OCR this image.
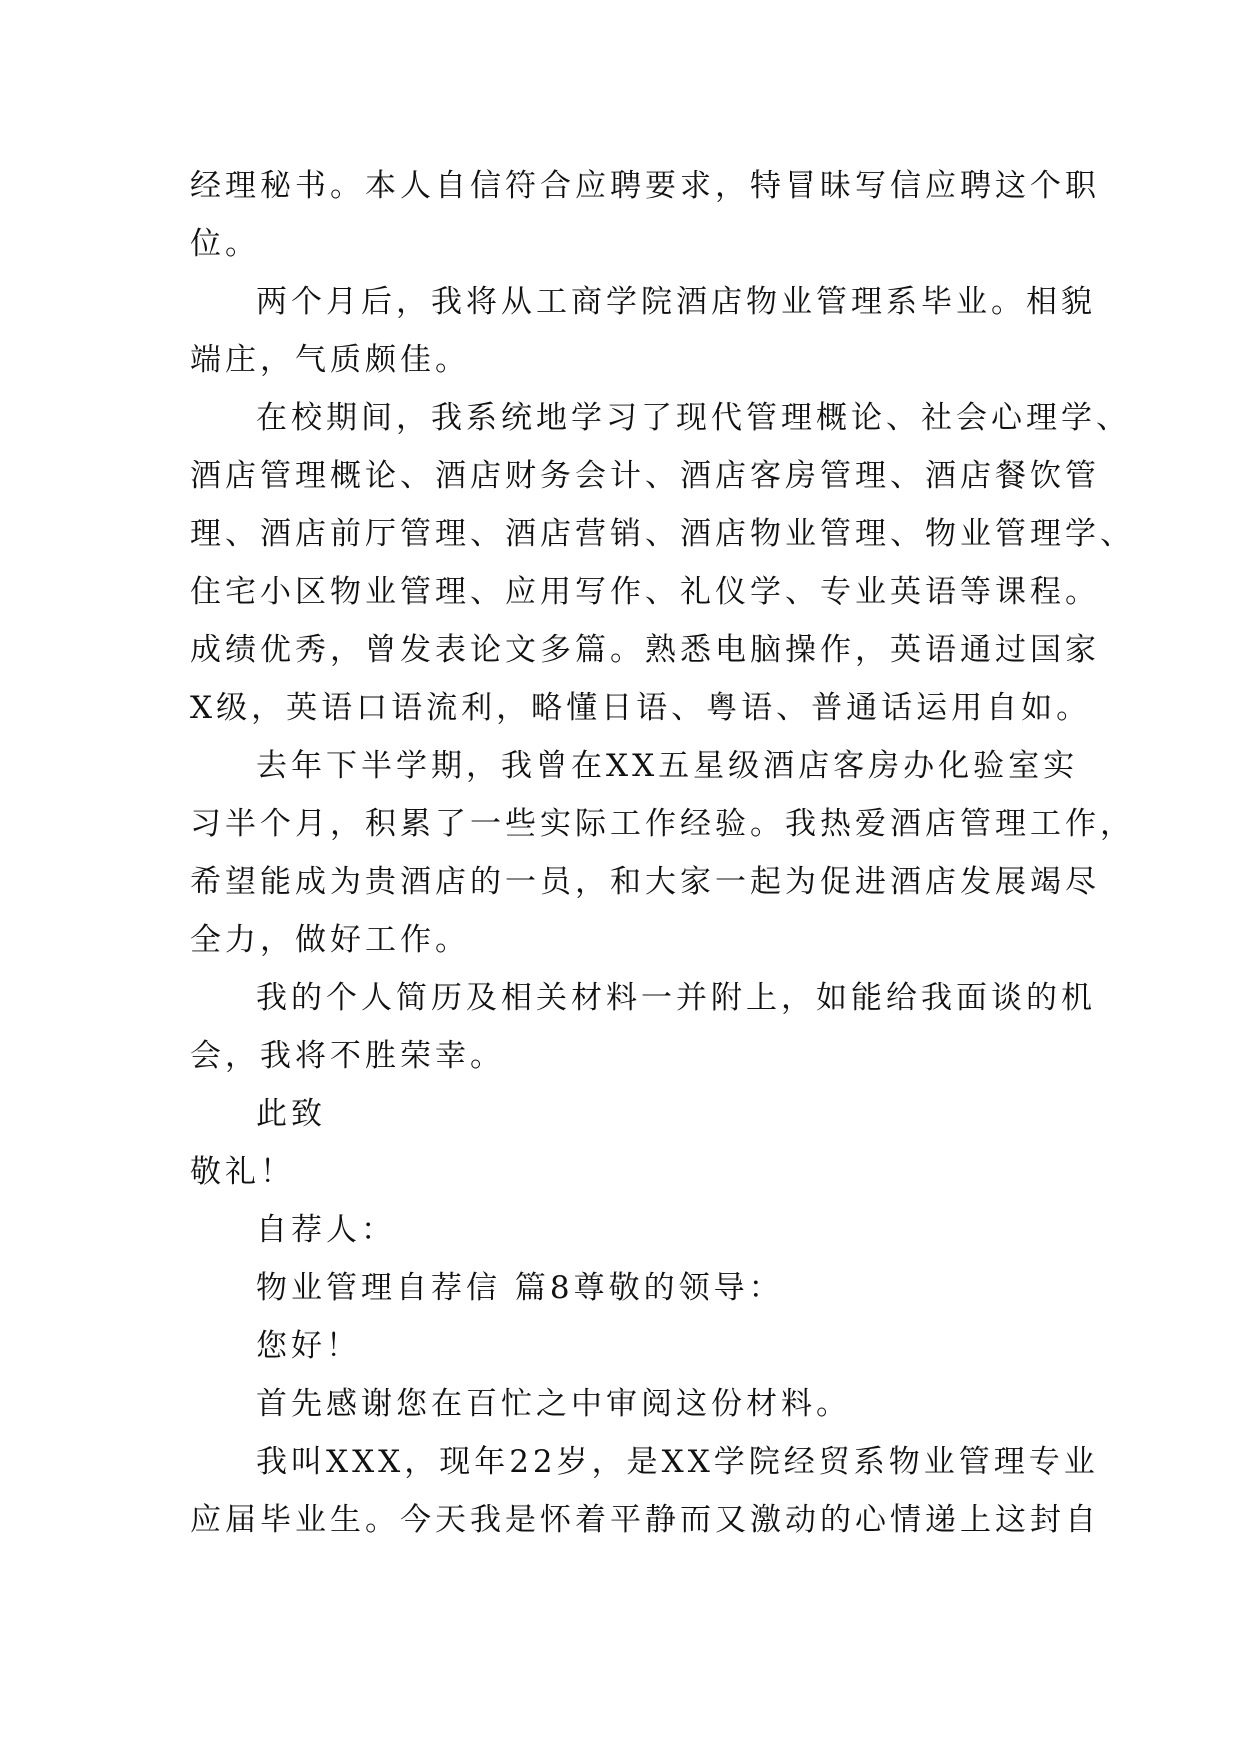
经理秘书。本人自信符合应聘要求，特冒昧写信应聘这个职
位。
两个月后，我将从工商学院酒店物业管理系毕业。相貌
端庄，气质颇佳。
在校期间，我系统地学习了现代管理概论、社会心理学、
酒店管理概论、酒店财务会计、酒店客房管理、酒店餐饮管
理、酒店前厅管理、酒店营销、酒店物业管理、物业管理学、
住宅小区物业管理、应用写作、礼仪学、专业英语等课程。
成绩优秀，曾发表论文多篇。熟悉电脑操作，英语通过国家
X级，英语口语流利，略懂日语、粤语、普通话运用自如。
去年下半学期，我曾在XX五星级酒店客房办化验室实
习半个月，积累了一些实际工作经验。我热爱酒店管理工作，
希望能成为贵酒店的一员，和大家一起为促进酒店发展竭尽
全力，做好工作。
我的个人简历及相关材料一并附上，如能给我面谈的机
会，我将不胜荣幸。
此致
敬礼！
自荐人：
物业管理自荐信 篇8尊敬的领导：
您好！
首先感谢您在百忙之中审阅这份材料。
我叫XXX，现年22岁，是XX学院经贸系物业管理专业
应届毕业生。今天我是怀着平静而又激动的心情递上这封自
